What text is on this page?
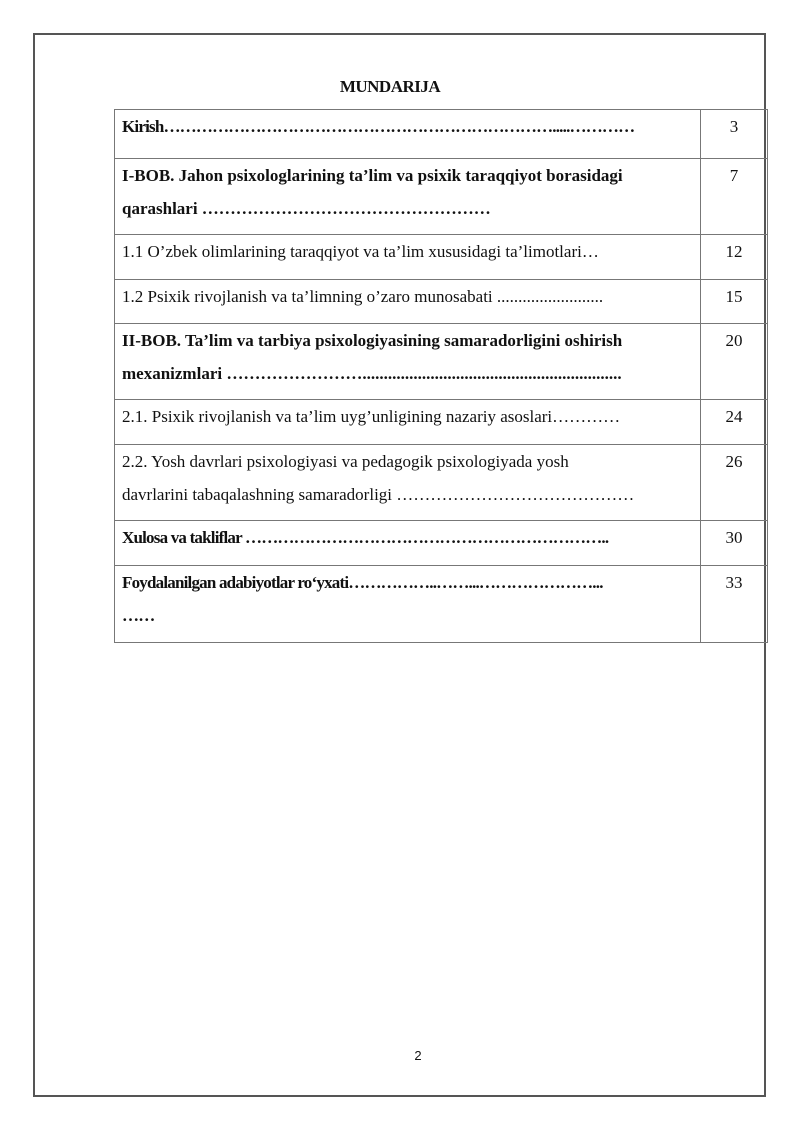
MUNDARIJA
Kirish……………………………………………………………….....…………	3

I-BOB. Jahon psixologlarining ta’lim va psixik taraqqiyot borasidagi
qarashlari ……………………………………………	7

1.1 O’zbek olimlarining taraqqiyot va ta’lim xususidagi ta’limotlari…	12

1.2 Psixik rivojlanish va ta’limning o’zaro munosabati .........................	15

II-BOB. Ta’lim va tarbiya psixologiyasining samaradorligini oshirish
mexanizmlari …………………….............................................................	20

2.1. Psixik rivojlanish va ta’lim uyg’unligining nazariy asoslari…………	24

2.2. Yosh davrlari psixologiyasi va pedagogik psixologiyada yosh
davrlarini tabaqalashning samaradorligi ……………………………………	26

Xulosa va takliflar …………………………………………………………..	30

Foydalanilgan adabiyotlar ro‘yxati……………..……...…………………...
……	33
2
